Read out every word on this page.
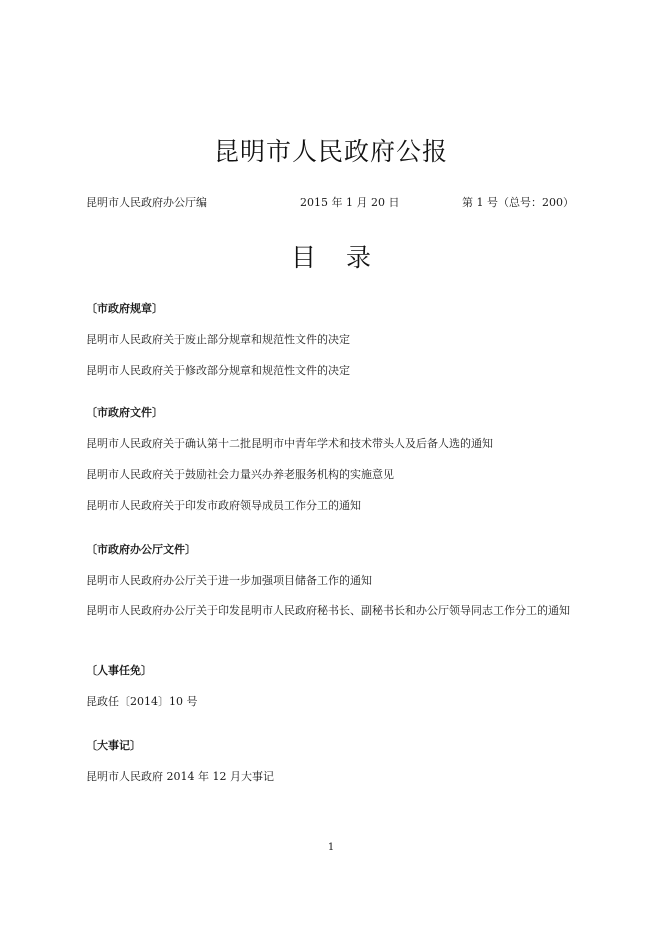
昆明市人民政府公报
昆明市人民政府办公厅编	2015 年 1 月 20 日	第 1 号（总号：200）
目录

〔市政府规章〕

昆明市人民政府关于废止部分规章和规范性文件的决定

昆明市人民政府关于修改部分规章和规范性文件的决定

〔市政府文件〕

昆明市人民政府关于确认第十二批昆明市中青年学术和技术带头人及后备人选的通知

昆明市人民政府关于鼓励社会力量兴办养老服务机构的实施意见

昆明市人民政府关于印发市政府领导成员工作分工的通知

〔市政府办公厅文件〕

昆明市人民政府办公厅关于进一步加强项目储备工作的通知

昆明市人民政府办公厅关于印发昆明市人民政府秘书长、副秘书长和办公厅领导同志工作分工的通知

〔人事任免〕

昆政任〔2014〕10 号

〔大事记〕

昆明市人民政府 2014 年 12 月大事记

1
